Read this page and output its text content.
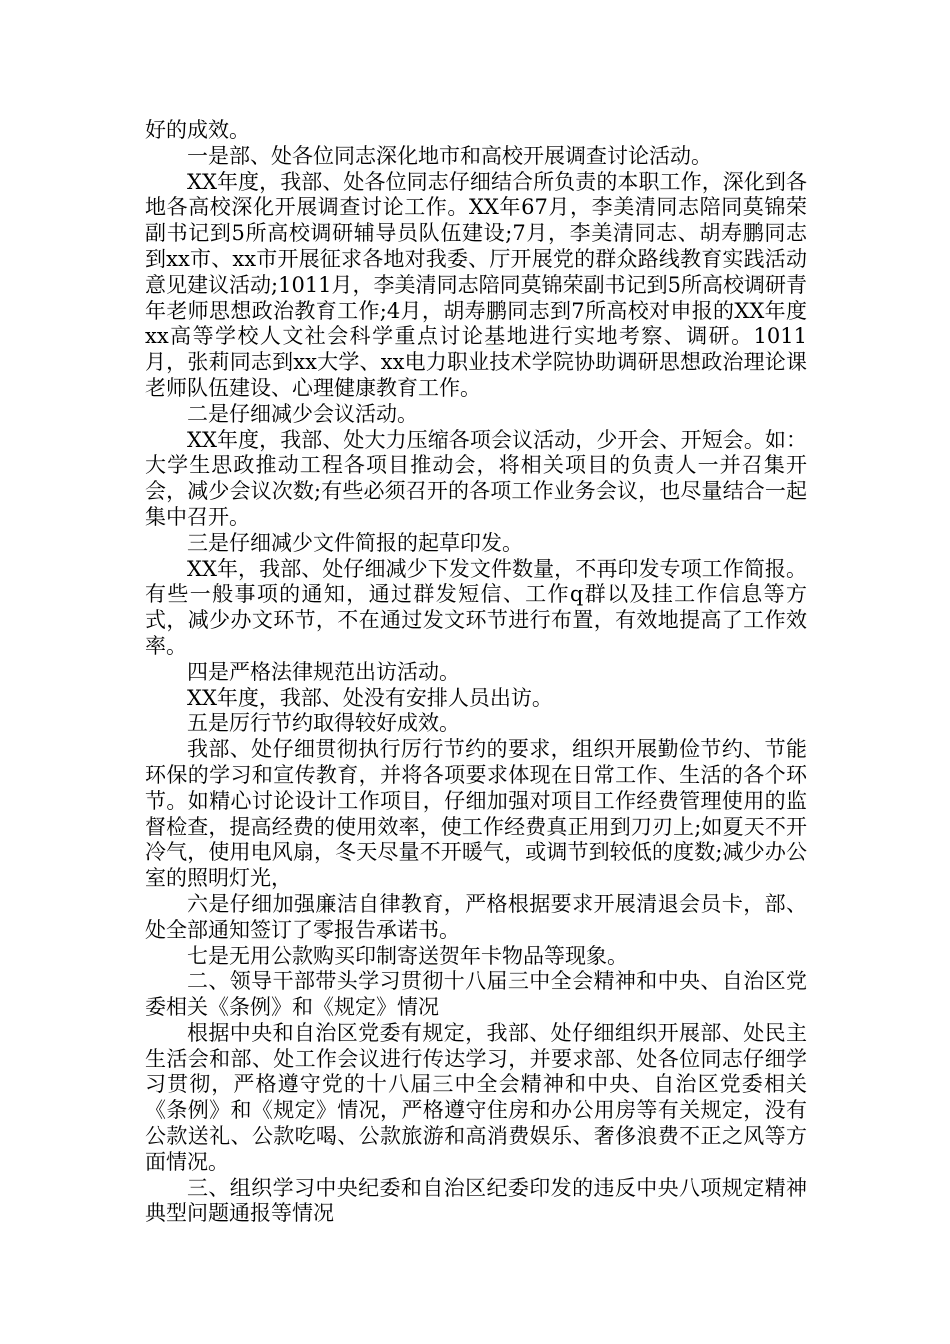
好的成效。

一是部、处各位同志深化地市和高校开展调查讨论活动。

XX年度，我部、处各位同志仔细结合所负责的本职工作，深化到各地各高校深化开展调查讨论工作。XX年67月，李美清同志陪同莫锦荣副书记到5所高校调研辅导员队伍建设;7月，李美清同志、胡寿鹏同志到xx市、xx市开展征求各地对我委、厅开展党的群众路线教育实践活动意见建议活动;1011月，李美清同志陪同莫锦荣副书记到5所高校调研青年老师思想政治教育工作;4月，胡寿鹏同志到7所高校对申报的XX年度xx高等学校人文社会科学重点讨论基地进行实地考察、调研。1011月，张莉同志到xx大学、xx电力职业技术学院协助调研思想政治理论课老师队伍建设、心理健康教育工作。

二是仔细减少会议活动。

XX年度，我部、处大力压缩各项会议活动，少开会、开短会。如：大学生思政推动工程各项目推动会，将相关项目的负责人一并召集开会，减少会议次数;有些必须召开的各项工作业务会议，也尽量结合一起集中召开。

三是仔细减少文件简报的起草印发。

XX年，我部、处仔细减少下发文件数量，不再印发专项工作简报。有些一般事项的通知，通过群发短信、工作q群以及挂工作信息等方式，减少办文环节，不在通过发文环节进行布置，有效地提高了工作效率。

四是严格法律规范出访活动。

XX年度，我部、处没有安排人员出访。

五是厉行节约取得较好成效。

我部、处仔细贯彻执行厉行节约的要求，组织开展勤俭节约、节能环保的学习和宣传教育，并将各项要求体现在日常工作、生活的各个环节。如精心讨论设计工作项目，仔细加强对项目工作经费管理使用的监督检查，提高经费的使用效率，使工作经费真正用到刀刃上;如夏天不开冷气，使用电风扇，冬天尽量不开暖气，或调节到较低的度数;减少办公室的照明灯光，

六是仔细加强廉洁自律教育，严格根据要求开展清退会员卡，部、处全部通知签订了零报告承诺书。

七是无用公款购买印制寄送贺年卡物品等现象。

二、领导干部带头学习贯彻十八届三中全会精神和中央、自治区党委相关《条例》和《规定》情况

根据中央和自治区党委有规定，我部、处仔细组织开展部、处民主生活会和部、处工作会议进行传达学习，并要求部、处各位同志仔细学习贯彻，严格遵守党的十八届三中全会精神和中央、自治区党委相关《条例》和《规定》情况，严格遵守住房和办公用房等有关规定，没有公款送礼、公款吃喝、公款旅游和高消费娱乐、奢侈浪费不正之风等方面情况。

三、组织学习中央纪委和自治区纪委印发的违反中央八项规定精神典型问题通报等情况
